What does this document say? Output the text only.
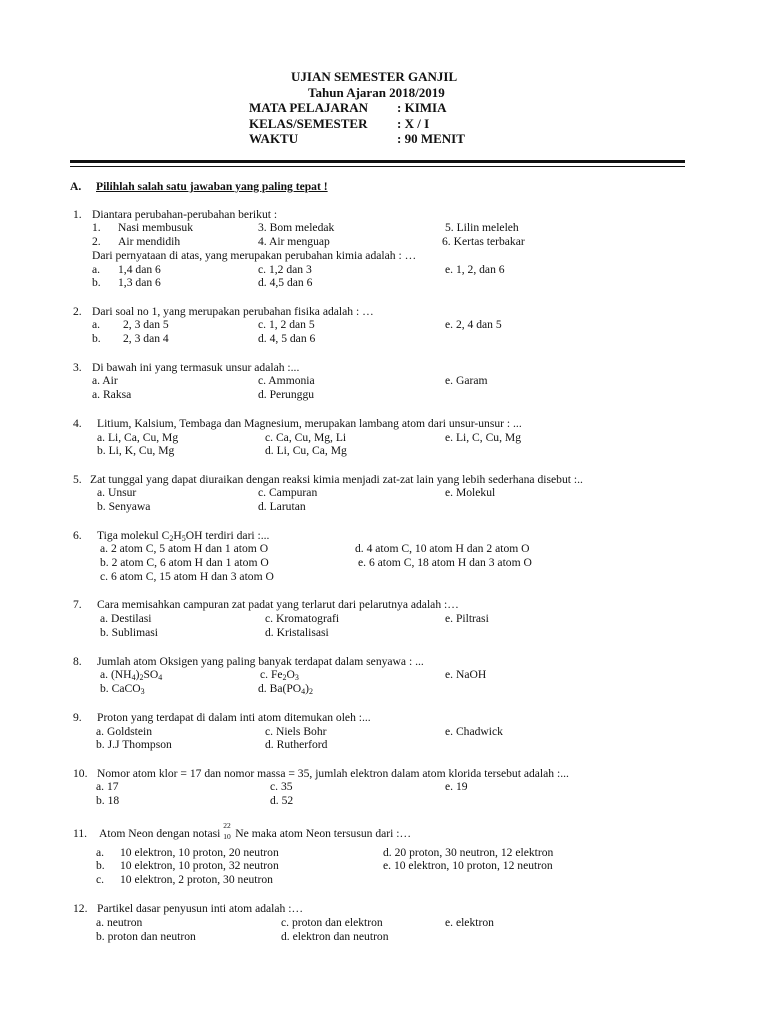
UJIAN SEMESTER GANJIL
Tahun Ajaran 2018/2019
MATA PELAJARAN : KIMIA
KELAS/SEMESTER : X / I
WAKTU	: 90 MENIT
A. Pilihlah salah satu jawaban yang paling tepat !
1. Diantara perubahan-perubahan berikut :
1. Nasi membusuk	3. Bom meledak	5. Lilin meleleh
2. Air mendidih	4. Air menguap	6. Kertas terbakar
Dari pernyataan di atas, yang merupakan perubahan kimia adalah : …
a. 1,4 dan 6	c. 1,2 dan 3	e. 1, 2, dan 6
b. 1,3 dan 6	d. 4,5 dan 6
2. Dari soal no 1, yang merupakan perubahan fisika adalah : …
a. 2, 3 dan 5	c. 1, 2 dan 5	e. 2, 4 dan 5
b. 2, 3 dan 4	d. 4, 5 dan 6
3. Di bawah ini yang termasuk unsur adalah :...
a. Air	c. Ammonia	e. Garam
a. Raksa	d. Perunggu
4. Litium, Kalsium, Tembaga dan Magnesium, merupakan lambang atom dari unsur-unsur : ...
a. Li, Ca, Cu, Mg	c. Ca, Cu, Mg, Li	e. Li, C, Cu, Mg
b. Li, K, Cu, Mg	d. Li, Cu, Ca, Mg
5. Zat tunggal yang dapat diuraikan dengan reaksi kimia menjadi zat-zat lain yang lebih sederhana disebut :..
a. Unsur	c. Campuran	e. Molekul
b. Senyawa	d. Larutan
6. Tiga molekul $C_2H_5OH$ terdiri dari :...
a. 2 atom C, 5 atom H dan 1 atom O	d. 4 atom C, 10 atom H dan 2 atom O
b. 2 atom C, 6 atom H dan 1 atom O	e. 6 atom C, 18 atom H dan 3 atom O
c. 6 atom C, 15 atom H dan 3 atom O
7. Cara memisahkan campuran zat padat yang terlarut dari pelarutnya adalah :…
a. Destilasi	c. Kromatografi	e. Piltrasi
b. Sublimasi	d. Kristalisasi
8. Jumlah atom Oksigen yang paling banyak terdapat dalam senyawa : ...
a. $(NH_4)_2SO_4$	c. $Fe_2O_3$	e. NaOH
b. CaCO$_3$	d. $Ba(PO_4)_2$
9. Proton yang terdapat di dalam inti atom ditemukan oleh :...
a. Goldstein	c. Niels Bohr	e. Chadwick
b. J.J Thompson	d. Rutherford
10. Nomor atom klor = 17 dan nomor massa = 35, jumlah elektron dalam atom klorida tersebut adalah :...
a. 17	c. 35	e. 19
b. 18	d. 52
11. Atom Neon dengan notasi
22
10 Ne maka atom Neon tersusun dari :…
a. 10 elektron, 10 proton, 20 neutron	d. 20 proton, 30 neutron, 12 elektron
b. 10 elektron, 10 proton, 32 neutron	e. 10 elektron, 10 proton, 12 neutron
c. 10 elektron, 2 proton, 30 neutron
12. Partikel dasar penyusun inti atom adalah :…
a. neutron	c. proton dan elektron	e. elektron
b. proton dan neutron	d. elektron dan neutron
